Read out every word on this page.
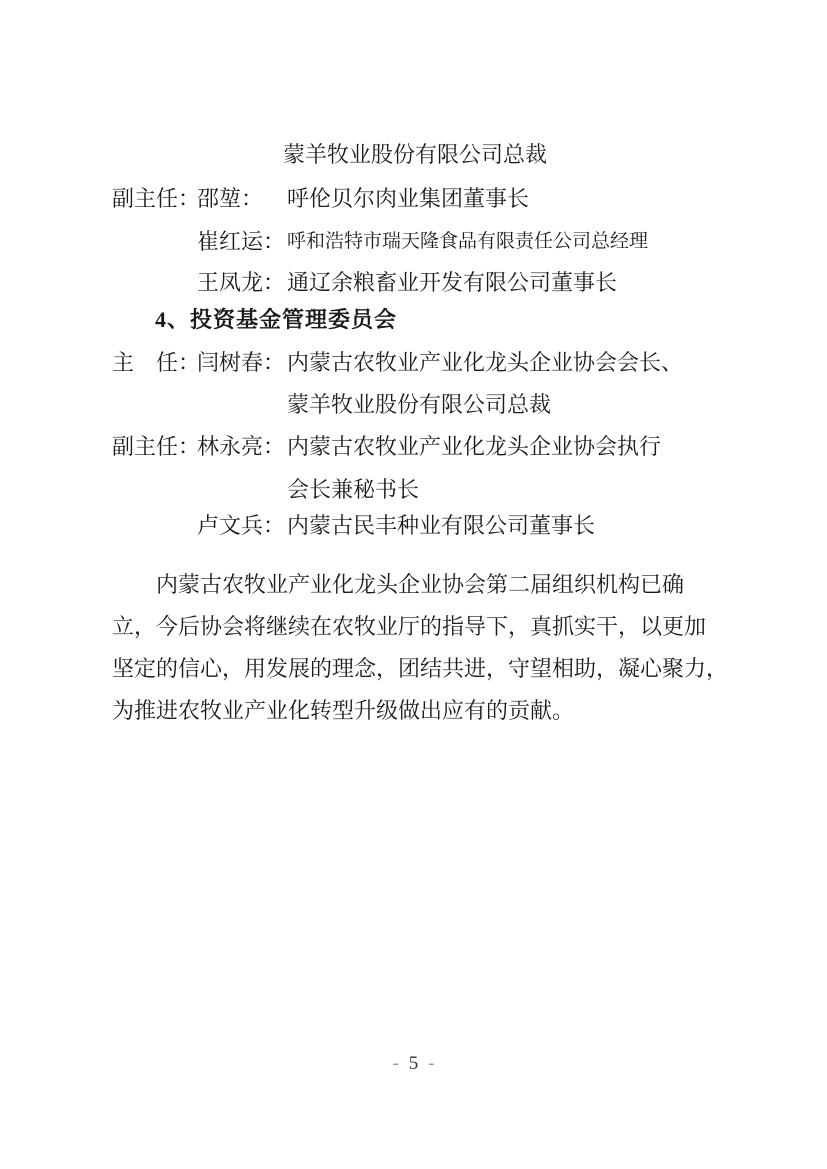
蒙羊牧业股份有限公司总裁
副主任：邵堃： 呼伦贝尔肉业集团董事长
崔红运： 呼和浩特市瑞天隆食品有限责任公司总经理
王凤龙：通辽余粮畜业开发有限公司董事长
4、投资基金管理委员会
主　任：闫树春：内蒙古农牧业产业化龙头企业协会会长、
蒙羊牧业股份有限公司总裁
副主任：林永亮：内蒙古农牧业产业化龙头企业协会执行
会长兼秘书长
卢文兵：内蒙古民丰种业有限公司董事长
内蒙古农牧业产业化龙头企业协会第二届组织机构已确
立，今后协会将继续在农牧业厅的指导下，真抓实干，以更加
坚定的信心，用发展的理念，团结共进，守望相助，凝心聚力，
为推进农牧业产业化转型升级做出应有的贡献。
- 5 -
